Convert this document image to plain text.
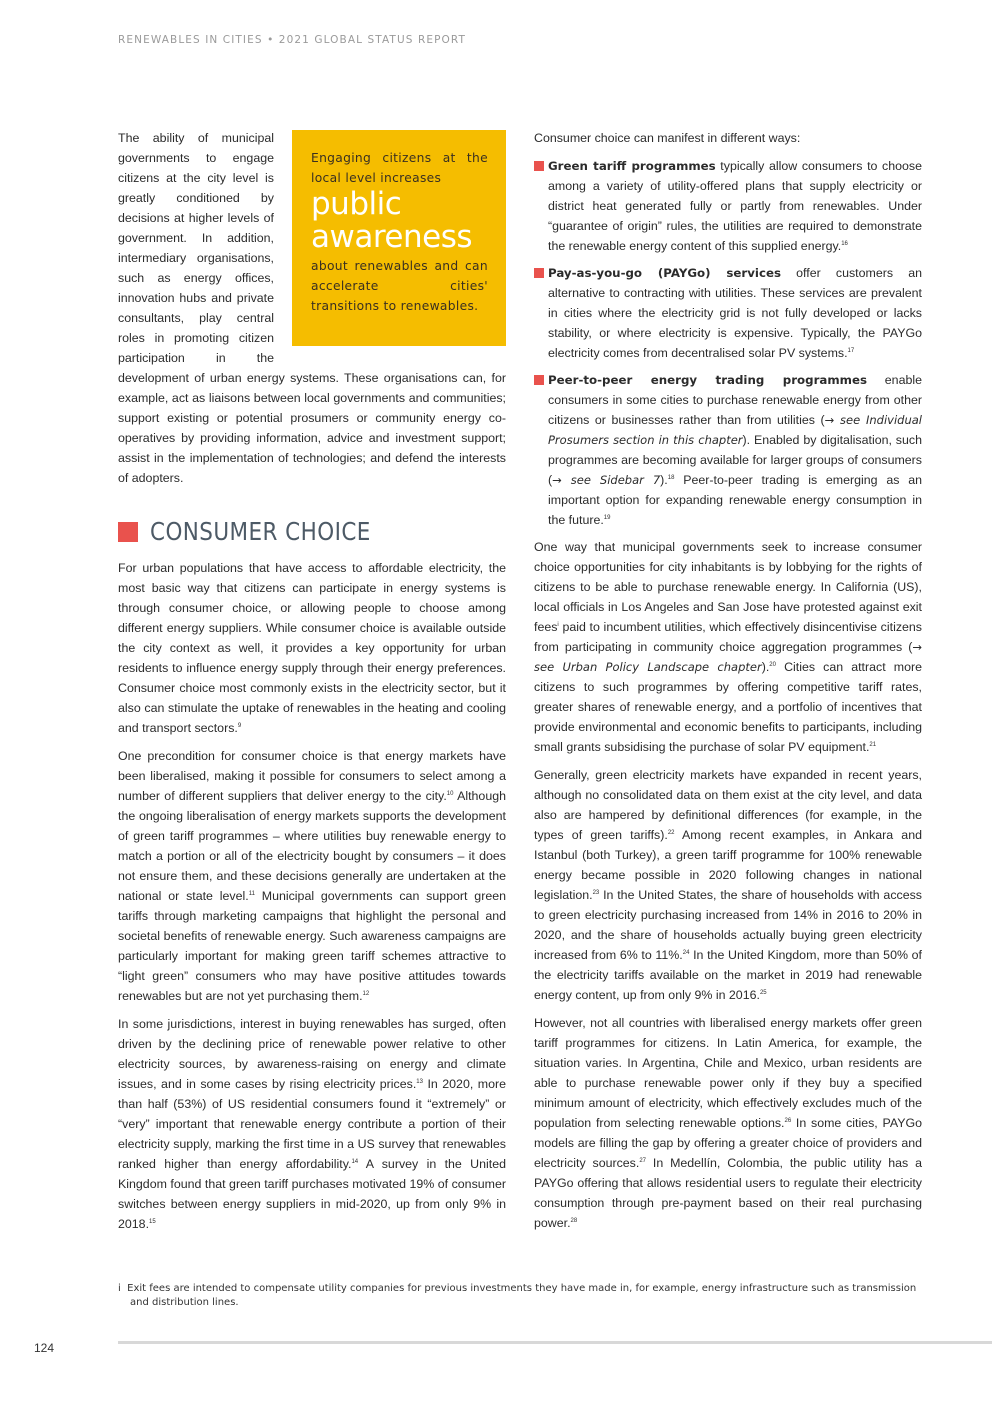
RENEWABLES IN CITIES • 2021 GLOBAL STATUS REPORT
Engaging citizens at the local level increases
public awareness
about renewables and can accelerate cities' transitions to renewables.

The ability of municipal governments to engage citizens at the city level is greatly conditioned by decisions at higher levels of government. In addition, intermediary organisations, such as energy offices, innovation hubs and private consultants, play central roles in promoting citizen participation in the development of urban energy systems. These organisations can, for example, act as liaisons between local governments and communities; support existing or potential prosumers or community energy co-operatives by providing information, advice and investment support; assist in the implementation of technologies; and defend the interests of adopters.

CONSUMER CHOICE

For urban populations that have access to affordable electricity, the most basic way that citizens can participate in energy systems is through consumer choice, or allowing people to choose among different energy suppliers. While consumer choice is available outside the city context as well, it provides a key opportunity for urban residents to influence energy supply through their energy preferences. Consumer choice most commonly exists in the electricity sector, but it also can stimulate the uptake of renewables in the heating and cooling and transport sectors.$^9$

One precondition for consumer choice is that energy markets have been liberalised, making it possible for consumers to select among a number of different suppliers that deliver energy to the city.$^{10}$ Although the ongoing liberalisation of energy markets supports the development of green tariff programmes – where utilities buy renewable energy to match a portion or all of the electricity bought by consumers – it does not ensure them, and these decisions generally are undertaken at the national or state level.$^{11}$ Municipal governments can support green tariffs through marketing campaigns that highlight the personal and societal benefits of renewable energy. Such awareness campaigns are particularly important for making green tariff schemes attractive to “light green” consumers who may have positive attitudes towards renewables but are not yet purchasing them.$^{12}$

In some jurisdictions, interest in buying renewables has surged, often driven by the declining price of renewable power relative to other electricity sources, by awareness-raising on energy and climate issues, and in some cases by rising electricity prices.$^{13}$ In 2020, more than half (53%) of US residential consumers found it “extremely” or “very” important that renewable energy contribute a portion of their electricity supply, marking the first time in a US survey that renewables ranked higher than energy affordability.$^{14}$ A survey in the United Kingdom found that green tariff purchases motivated 19% of consumer switches between energy suppliers in mid-2020, up from only 9% in 2018.15

Consumer choice can manifest in different ways:

Green tariff programmes typically allow consumers to choose among a variety of utility-offered plans that supply electricity or district heat generated fully or partly from renewables. Under “guarantee of origin” rules, the utilities are required to demonstrate the renewable energy content of this supplied energy.$^{16}$
Pay-as-you-go (PAYGo) services offer customers an alternative to contracting with utilities. These services are prevalent in cities where the electricity grid is not fully developed or lacks stability, or where electricity is expensive. Typically, the PAYGo electricity comes from decentralised solar PV systems.$^{17}$
Peer-to-peer energy trading programmes enable consumers in some cities to purchase renewable energy from other citizens or businesses rather than from utilities (→ see Individual Prosumers section in this chapter). Enabled by digitalisation, such programmes are becoming available for larger groups of consumers (→ see Sidebar 7).$^{18}$ Peer-to-peer trading is emerging as an important option for expanding renewable energy consumption in the future.$^{19}$

One way that municipal governments seek to increase consumer choice opportunities for city inhabitants is by lobbying for the rights of citizens to be able to purchase renewable energy. In California (US), local officials in Los Angeles and San Jose have protested against exit fees$^i$ paid to incumbent utilities, which effectively disincentivise citizens from participating in community choice aggregation programmes (→ see Urban Policy Landscape chapter).$^{20}$ Cities can attract more citizens to such programmes by offering competitive tariff rates, greater shares of renewable energy, and a portfolio of incentives that provide environmental and economic benefits to participants, including small grants subsidising the purchase of solar PV equipment.$^{21}$

Generally, green electricity markets have expanded in recent years, although no consolidated data on them exist at the city level, and data also are hampered by definitional differences (for example, in the types of green tariffs).$^{22}$ Among recent examples, in Ankara and Istanbul (both Turkey), a green tariff programme for 100% renewable energy became possible in 2020 following changes in national legislation.$^{23}$ In the United States, the share of households with access to green electricity purchasing increased from 14% in 2016 to 20% in 2020, and the share of households actually buying green electricity increased from 6% to 11%.$^{24}$ In the United Kingdom, more than 50% of the electricity tariffs available on the market in 2019 had renewable energy content, up from only 9% in 2016.25

However, not all countries with liberalised energy markets offer green tariff programmes for citizens. In Latin America, for example, the situation varies. In Argentina, Chile and Mexico, urban residents are able to purchase renewable power only if they buy a specified minimum amount of electricity, which effectively excludes much of the population from selecting renewable options.$^{26}$ In some cities, PAYGo models are filling the gap by offering a greater choice of providers and electricity sources.$^{27}$ In Medellín, Colombia, the public utility has a PAYGo offering that allows residential users to regulate their electricity consumption through pre-payment based on their real purchasing power.$^{28}$

i Exit fees are intended to compensate utility companies for previous investments they have made in, for example, energy infrastructure such as transmission and distribution lines.
124
